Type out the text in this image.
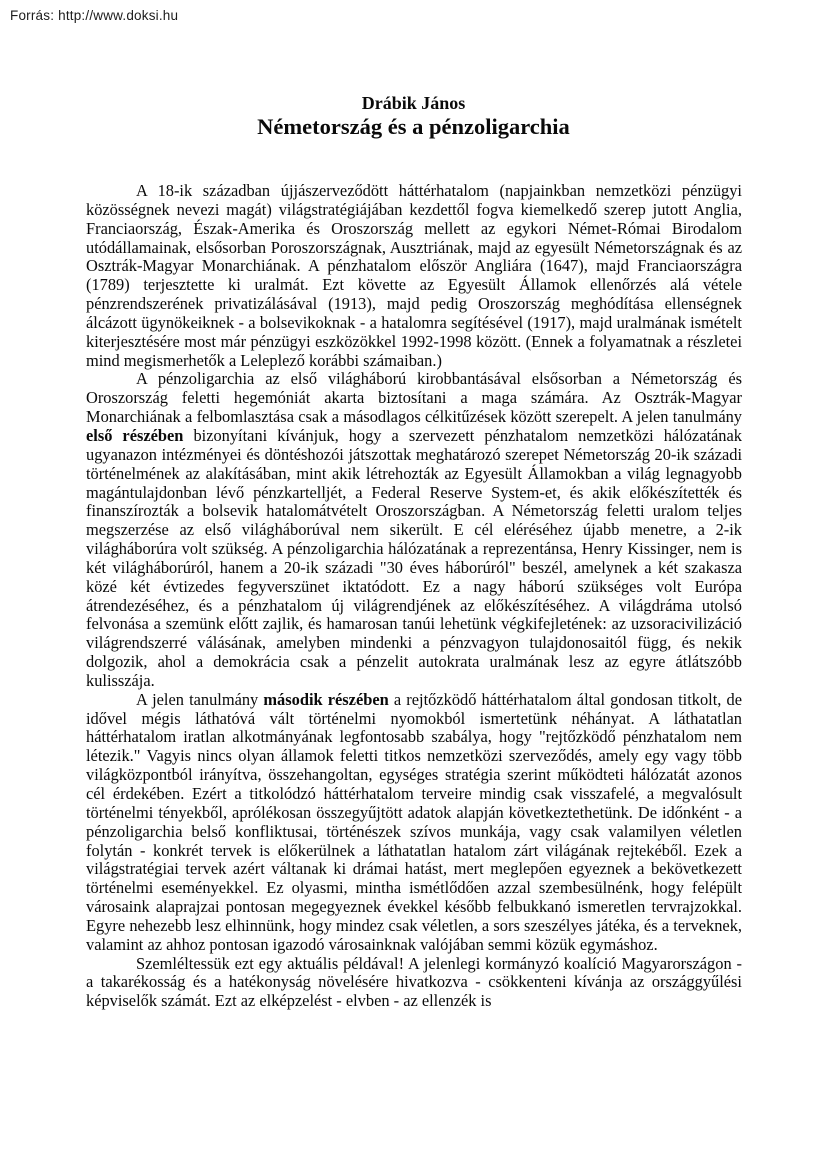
Forrás: http://www.doksi.hu
Drábik János
Németország és a pénzoligarchia

A 18-ik században újjászerveződött háttérhatalom (napjainkban nemzetközi pénzügyi közösségnek nevezi magát) világstratégiájában kezdettől fogva kiemelkedő szerep jutott Anglia, Franciaország, Észak-Amerika és Oroszország mellett az egykori Német-Római Birodalom utódállamainak, elsősorban Poroszországnak, Ausztriának, majd az egyesült Németországnak és az Osztrák-Magyar Monarchiának. A pénzhatalom először Angliára (1647), majd Franciaországra (1789) terjesztette ki uralmát. Ezt követte az Egyesült Államok ellenőrzés alá vétele pénzrendszerének privatizálásával (1913), majd pedig Oroszország meghódítása ellenségnek álcázott ügynökeiknek - a bolsevikoknak - a hatalomra segítésével (1917), majd uralmának ismételt kiterjesztésére most már pénzügyi eszközökkel 1992-1998 között. (Ennek a folyamatnak a részletei mind megismerhetők a Leleplező korábbi számaiban.)

A pénzoligarchia az első világháború kirobbantásával elsősorban a Németország és Oroszország feletti hegemóniát akarta biztosítani a maga számára. Az Osztrák-Magyar Monarchiának a felbomlasztása csak a másodlagos célkitűzések között szerepelt. A jelen tanulmány első részében bizonyítani kívánjuk, hogy a szervezett pénzhatalom nemzetközi hálózatának ugyanazon intézményei és döntéshozói játszottak meghatározó szerepet Németország 20-ik századi történelmének az alakításában, mint akik létrehozták az Egyesült Államokban a világ legnagyobb magántulajdonban lévő pénzkartelljét, a Federal Reserve System-et, és akik előkészítették és finanszírozták a bolsevik hatalomátvételt Oroszországban. A Németország feletti uralom teljes megszerzése az első világháborúval nem sikerült. E cél eléréséhez újabb menetre, a 2-ik világháborúra volt szükség. A pénzoligarchia hálózatának a reprezentánsa, Henry Kissinger, nem is két világháborúról, hanem a 20-ik századi "30 éves háborúról" beszél, amelynek a két szakasza közé két évtizedes fegyverszünet iktatódott. Ez a nagy háború szükséges volt Európa átrendezéséhez, és a pénzhatalom új világrendjének az előkészítéséhez. A világdráma utolsó felvonása a szemünk előtt zajlik, és hamarosan tanúi lehetünk végkifejletének: az uzsoracivilizáció világrendszerré válásának, amelyben mindenki a pénzvagyon tulajdonosaitól függ, és nekik dolgozik, ahol a demokrácia csak a pénzelit autokrata uralmának lesz az egyre átlátszóbb kulisszája.

A jelen tanulmány második részében a rejtőzködő háttérhatalom által gondosan titkolt, de idővel mégis láthatóvá vált történelmi nyomokból ismertetünk néhányat. A láthatatlan háttérhatalom iratlan alkotmányának legfontosabb szabálya, hogy "rejtőzködő pénzhatalom nem létezik." Vagyis nincs olyan államok feletti titkos nemzetközi szerveződés, amely egy vagy több világközpontból irányítva, összehangoltan, egységes stratégia szerint működteti hálózatát azonos cél érdekében. Ezért a titkolódzó háttérhatalom terveire mindig csak visszafelé, a megvalósult történelmi tényekből, aprólékosan összegyűjtött adatok alapján következtethetünk. De időnként - a pénzoligarchia belső konfliktusai, történészek szívos munkája, vagy csak valamilyen véletlen folytán - konkrét tervek is előkerülnek a láthatatlan hatalom zárt világának rejtekéből. Ezek a világstratégiai tervek azért váltanak ki drámai hatást, mert meglepően egyeznek a bekövetkezett történelmi eseményekkel. Ez olyasmi, mintha ismétlődően azzal szembesülnénk, hogy felépült városaink alaprajzai pontosan megegyeznek évekkel később felbukkanó ismeretlen tervrajzokkal. Egyre nehezebb lesz elhinnünk, hogy mindez csak véletlen, a sors szeszélyes játéka, és a terveknek, valamint az ahhoz pontosan igazodó városainknak valójában semmi közük egymáshoz.

Szemléltessük ezt egy aktuális példával! A jelenlegi kormányzó koalíció Magyarországon - a takarékosság és a hatékonyság növelésére hivatkozva - csökkenteni kívánja az országgyűlési képviselők számát. Ezt az elképzelést - elvben - az ellenzék is
